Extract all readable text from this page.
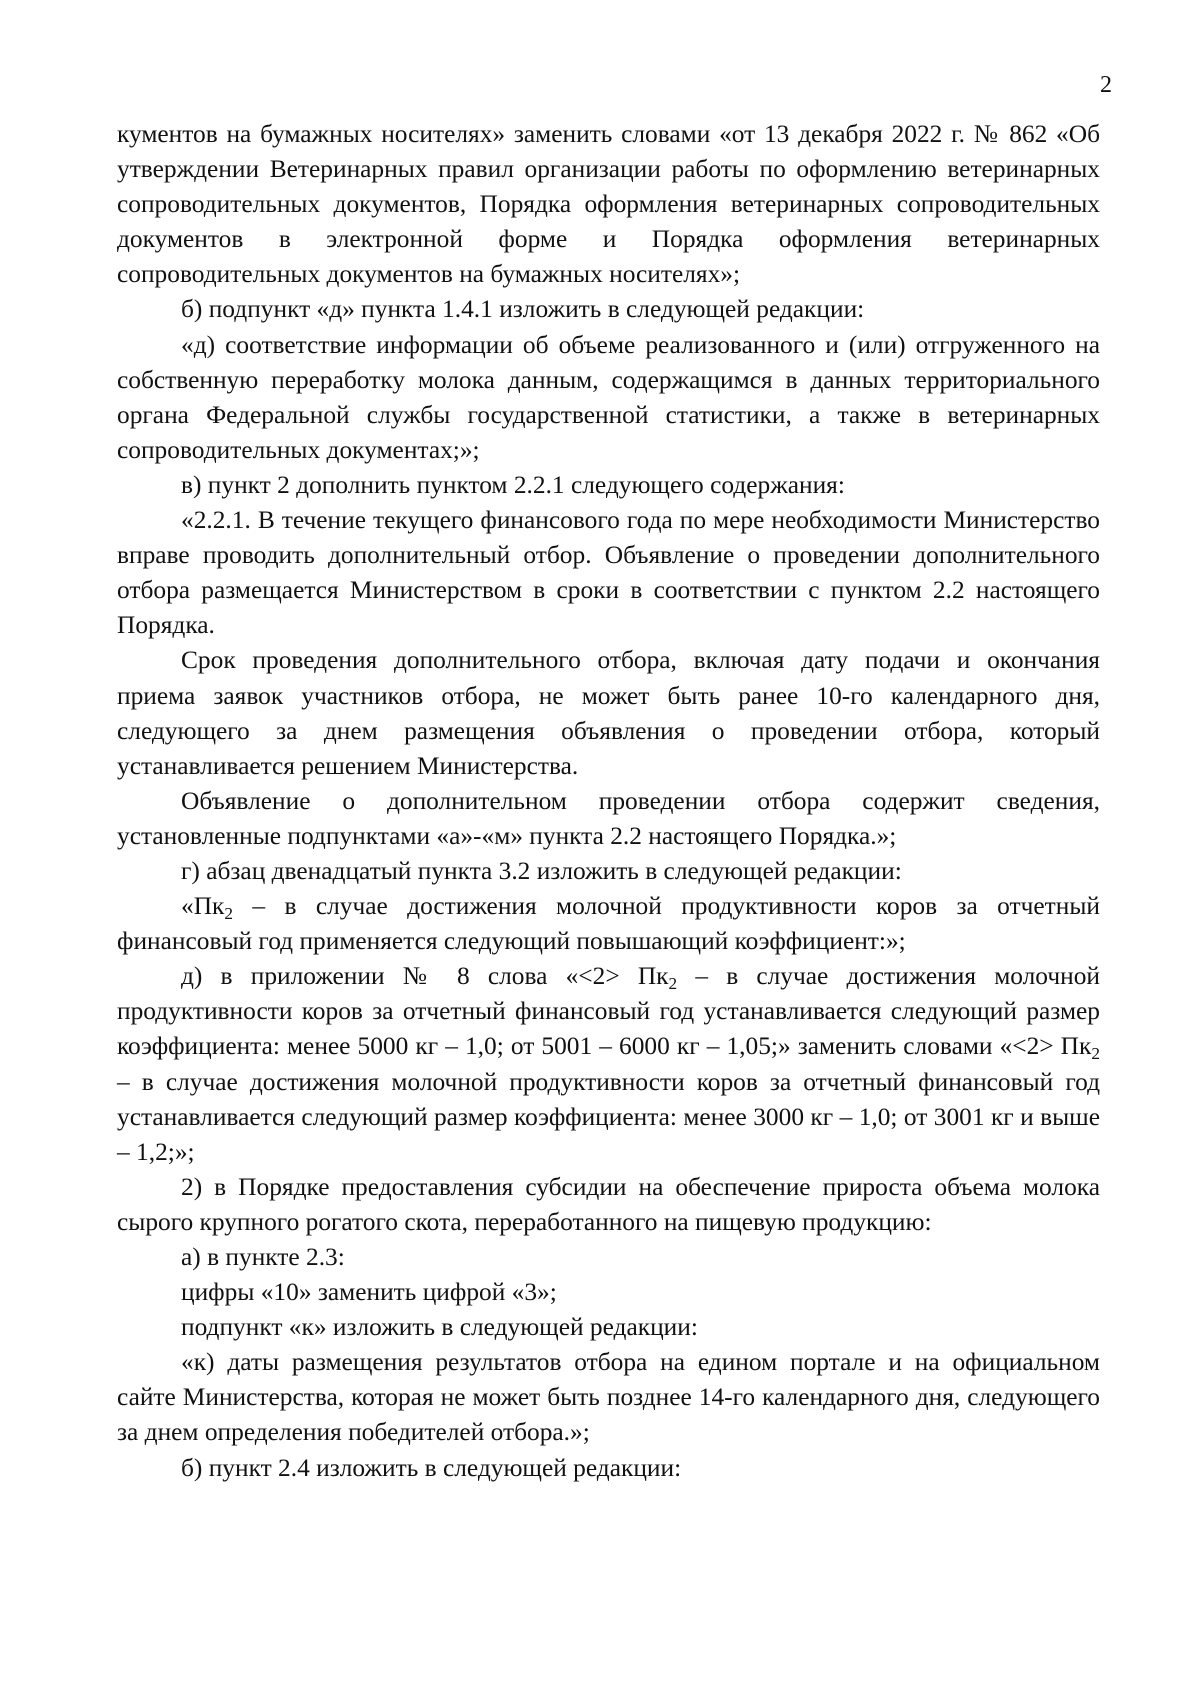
2

кументов на бумажных носителях» заменить словами «от 13 декабря 2022 г. № 862 «Об утверждении Ветеринарных правил организации работы по оформлению ветеринарных сопроводительных документов, Порядка оформления ветеринарных сопроводительных документов в электронной форме и Порядка оформления ветеринарных сопроводительных документов на бумажных носителях»;

б) подпункт «д» пункта 1.4.1 изложить в следующей редакции:

«д) соответствие информации об объеме реализованного и (или) отгруженного на собственную переработку молока данным, содержащимся в данных территориального органа Федеральной службы государственной статистики, а также в ветеринарных сопроводительных документах;»;

в) пункт 2 дополнить пунктом 2.2.1 следующего содержания:

«2.2.1. В течение текущего финансового года по мере необходимости Министерство вправе проводить дополнительный отбор. Объявление о проведении дополнительного отбора размещается Министерством в сроки в соответствии с пунктом 2.2 настоящего Порядка.

Срок проведения дополнительного отбора, включая дату подачи и окончания приема заявок участников отбора, не может быть ранее 10-го календарного дня, следующего за днем размещения объявления о проведении отбора, который устанавливается решением Министерства.

Объявление о дополнительном проведении отбора содержит сведения, установленные подпунктами «а»-«м» пункта 2.2 настоящего Порядка.»;

г) абзац двенадцатый пункта 3.2 изложить в следующей редакции:

«Пк2 – в случае достижения молочной продуктивности коров за отчетный финансовый год применяется следующий повышающий коэффициент:»;

д) в приложении № 8 слова «<2> Пк2 – в случае достижения молочной продуктивности коров за отчетный финансовый год устанавливается следующий размер коэффициента: менее 5000 кг – 1,0; от 5001 – 6000 кг – 1,05;» заменить словами «<2> Пк2 – в случае достижения молочной продуктивности коров за отчетный финансовый год устанавливается следующий размер коэффициента: менее 3000 кг – 1,0; от 3001 кг и выше – 1,2;»;

2) в Порядке предоставления субсидии на обеспечение прироста объема молока сырого крупного рогатого скота, переработанного на пищевую продукцию:

а) в пункте 2.3:

цифры «10» заменить цифрой «3»;

подпункт «к» изложить в следующей редакции:

«к) даты размещения результатов отбора на едином портале и на официальном сайте Министерства, которая не может быть позднее 14-го календарного дня, следующего за днем определения победителей отбора.»;

б) пункт 2.4 изложить в следующей редакции:
